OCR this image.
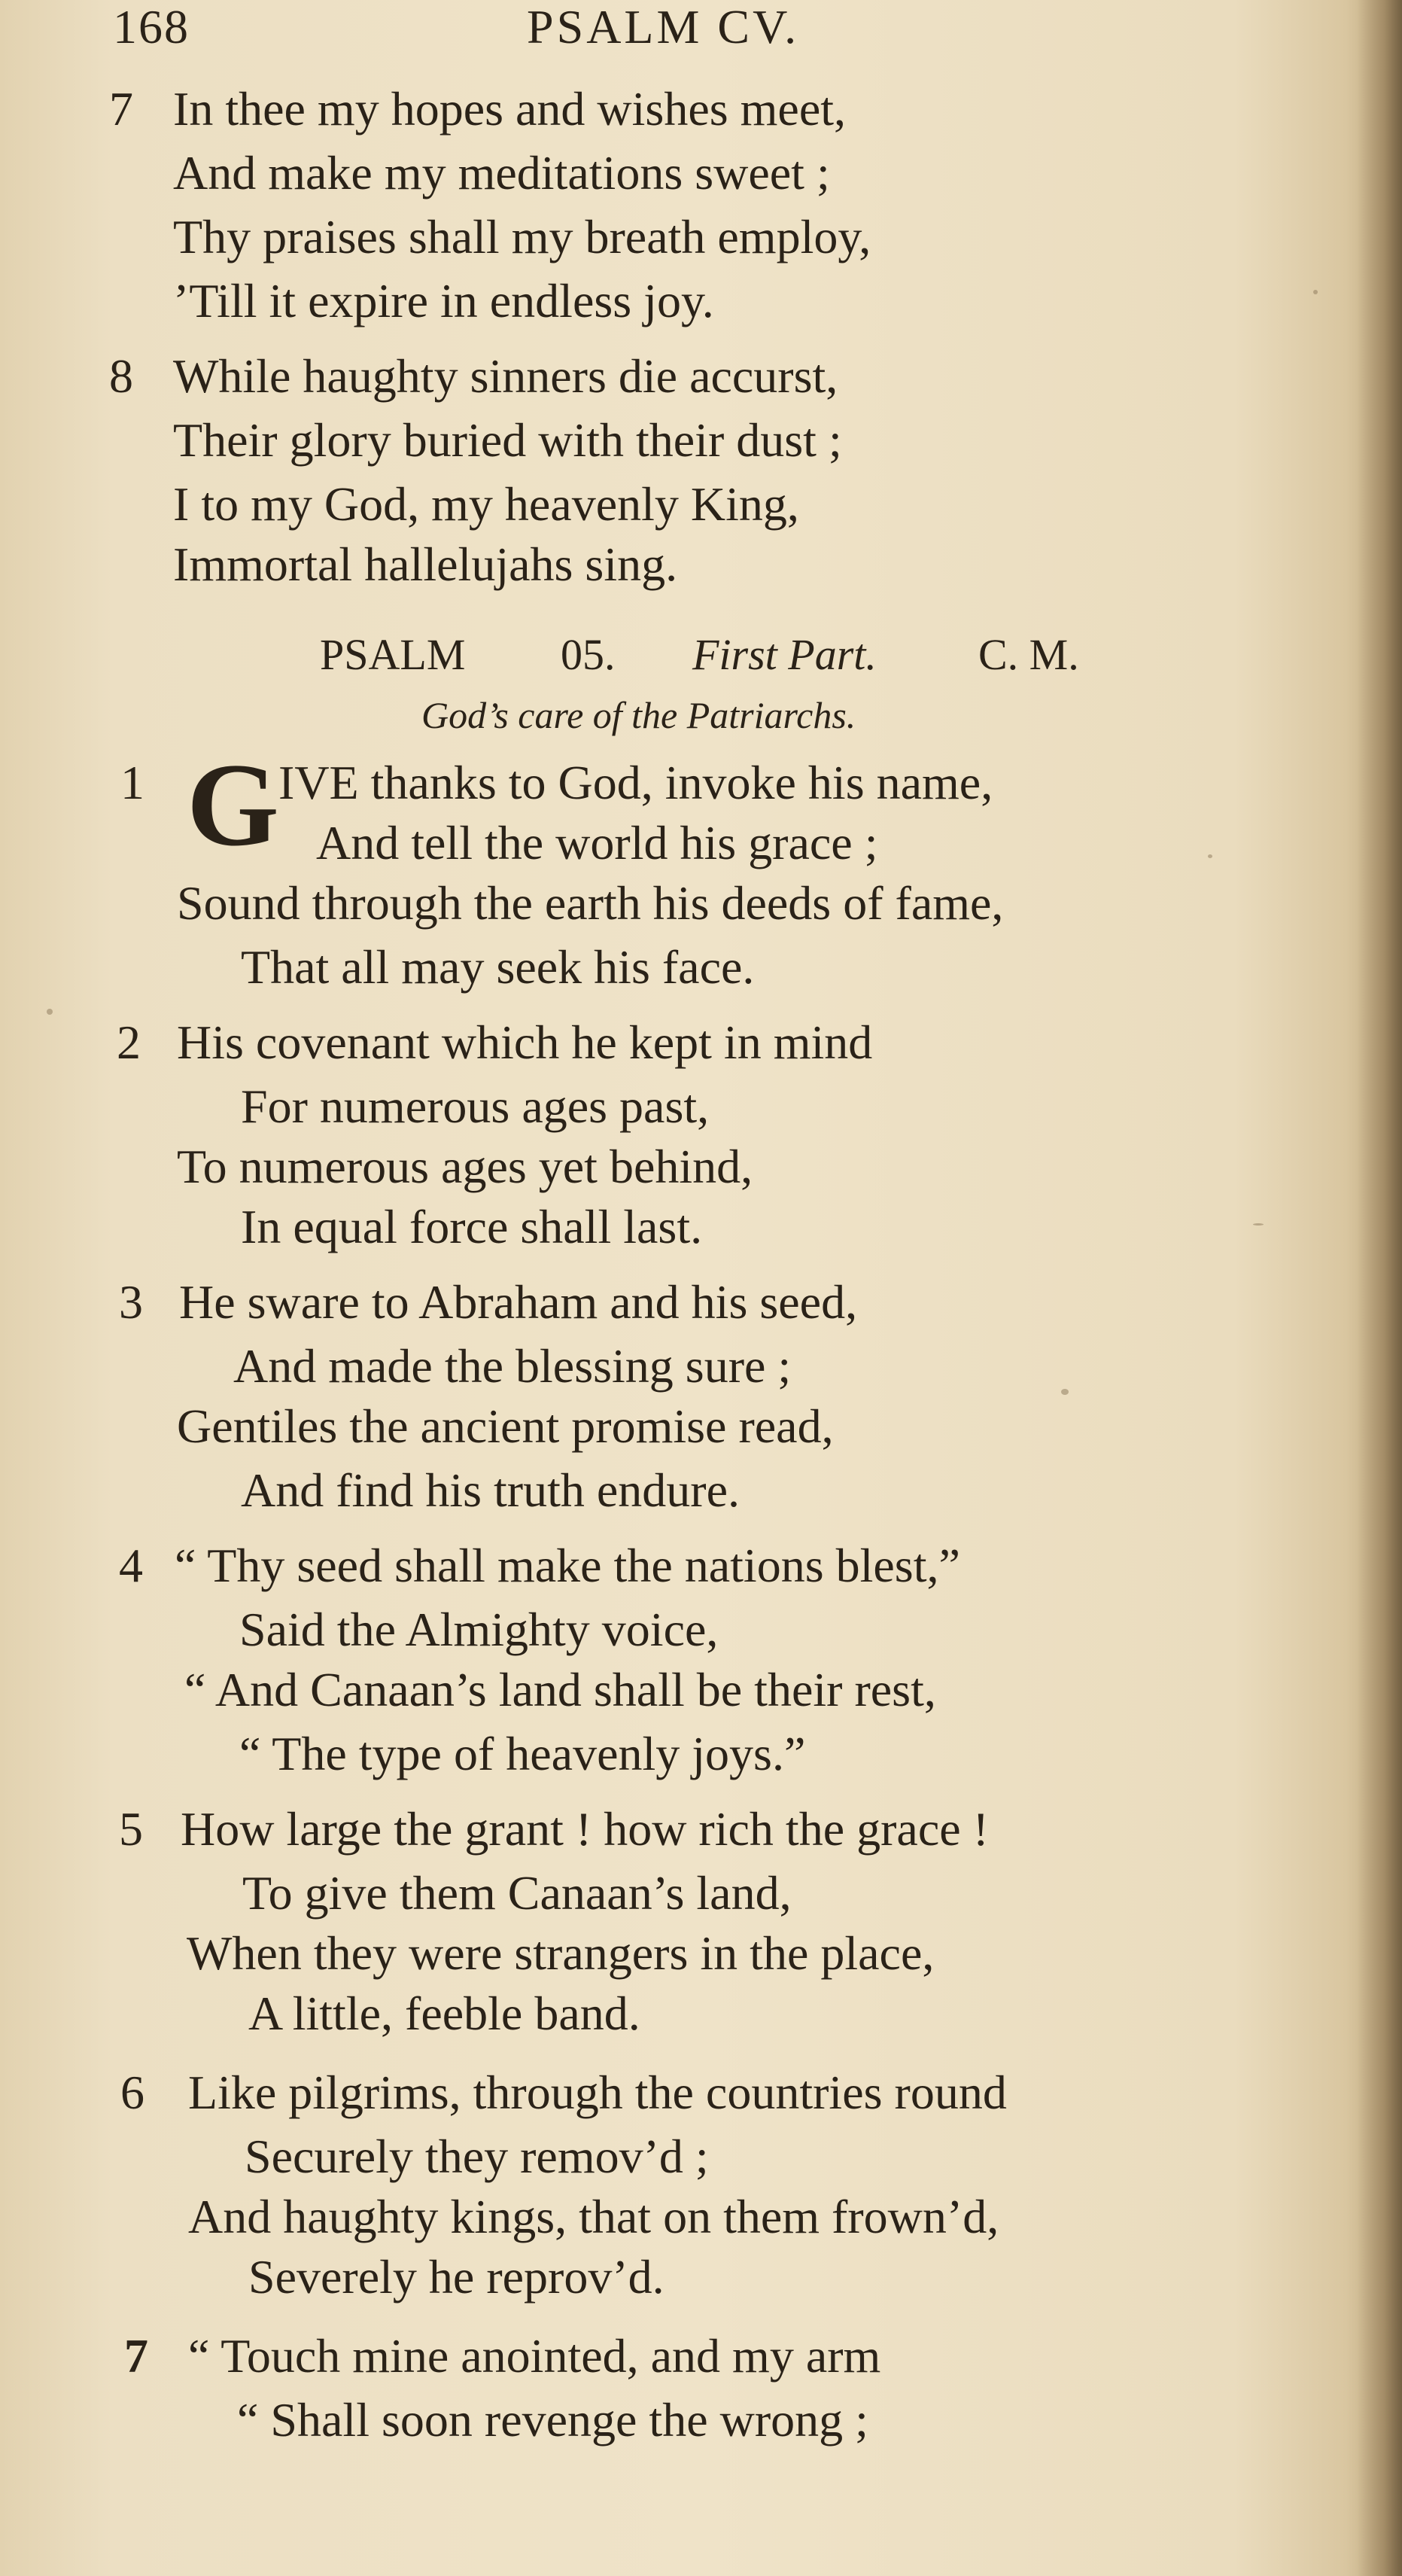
168	PSALM CV.
7 In thee my hopes and wishes meet,
And make my meditations sweet ;
Thy praises shall my breath employ,
’Till it expire in endless joy.
8 While haughty sinners die accurst,
Their glory buried with their dust ;
I to my God, my heavenly King,
Immortal hallelujahs sing.
PSALM 05. First Part. C. M.
God’s care of the Patriarchs.
1 G IVE thanks to God, invoke his name,
And tell the world his grace ;
Sound through the earth his deeds of fame,
That all may seek his face.
2 His covenant which he kept in mind
For numerous ages past,
To numerous ages yet behind,
In equal force shall last.
3 He sware to Abraham and his seed,
And made the blessing sure ;
Gentiles the ancient promise read,
And find his truth endure.
4 “ Thy seed shall make the nations blest,”
Said the Almighty voice,
“ And Canaan’s land shall be their rest,
“ The type of heavenly joys.”
5 How large the grant ! how rich the grace !
To give them Canaan’s land,
When they were strangers in the place,
A little, feeble band.
6 Like pilgrims, through the countries round
Securely they remov’d ;
And haughty kings, that on them frown’d,
Severely he reprov’d.
7 “ Touch mine anointed, and my arm
“ Shall soon revenge the wrong ;
